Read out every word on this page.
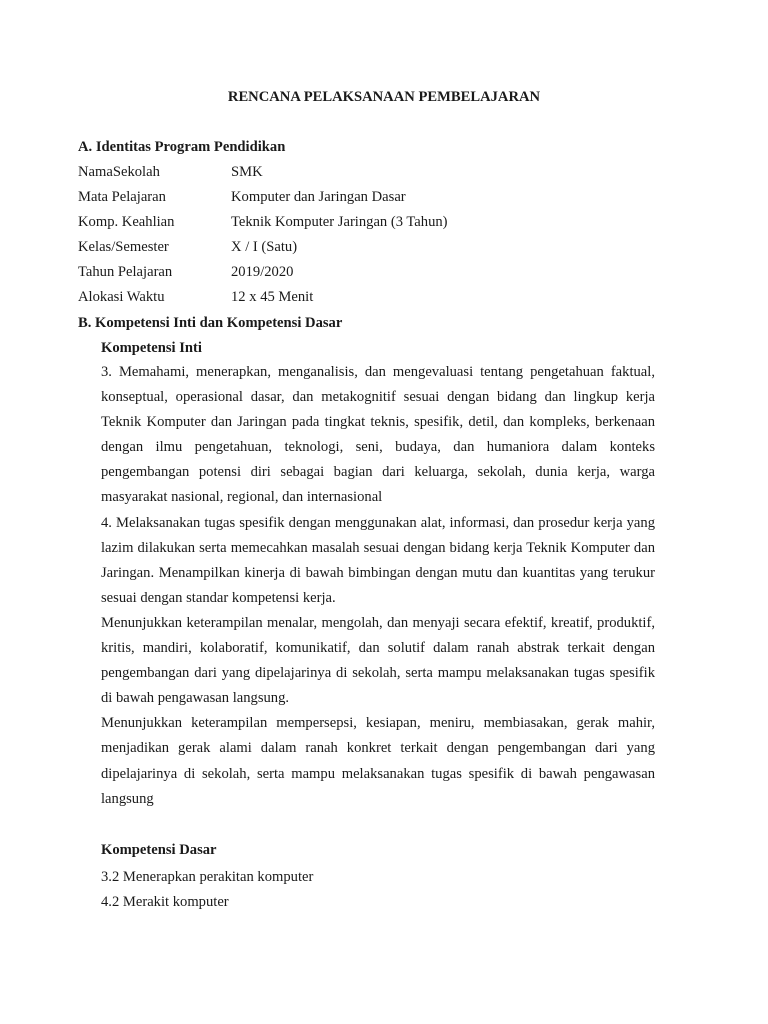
RENCANA PELAKSANAAN PEMBELAJARAN
A. Identitas Program Pendidikan
NamaSekolah	SMK
Mata Pelajaran	Komputer dan Jaringan Dasar
Komp. Keahlian	Teknik Komputer Jaringan (3 Tahun)
Kelas/Semester	X / I (Satu)
Tahun Pelajaran	2019/2020
Alokasi Waktu	12 x 45 Menit
B. Kompetensi Inti dan Kompetensi Dasar
Kompetensi Inti

3. Memahami, menerapkan, menganalisis, dan mengevaluasi tentang pengetahuan faktual, konseptual, operasional dasar, dan metakognitif sesuai dengan bidang dan lingkup kerja Teknik Komputer dan Jaringan pada tingkat teknis, spesifik, detil, dan kompleks, berkenaan dengan ilmu pengetahuan, teknologi, seni, budaya, dan humaniora dalam konteks pengembangan potensi diri sebagai bagian dari keluarga, sekolah, dunia kerja, warga masyarakat nasional, regional, dan internasional

4. Melaksanakan tugas spesifik dengan menggunakan alat, informasi, dan prosedur kerja yang lazim dilakukan serta memecahkan masalah sesuai dengan bidang kerja Teknik Komputer dan Jaringan. Menampilkan kinerja di bawah bimbingan dengan mutu dan kuantitas yang terukur sesuai dengan standar kompetensi kerja.

Menunjukkan keterampilan menalar, mengolah, dan menyaji secara efektif, kreatif, produktif, kritis, mandiri, kolaboratif, komunikatif, dan solutif dalam ranah abstrak terkait dengan pengembangan dari yang dipelajarinya di sekolah, serta mampu melaksanakan tugas spesifik di bawah pengawasan langsung.

Menunjukkan keterampilan mempersepsi, kesiapan, meniru, membiasakan, gerak mahir, menjadikan gerak alami dalam ranah konkret terkait dengan pengembangan dari yang dipelajarinya di sekolah, serta mampu melaksanakan tugas spesifik di bawah pengawasan langsung

Kompetensi Dasar

3.2 Menerapkan perakitan komputer

4.2 Merakit komputer
